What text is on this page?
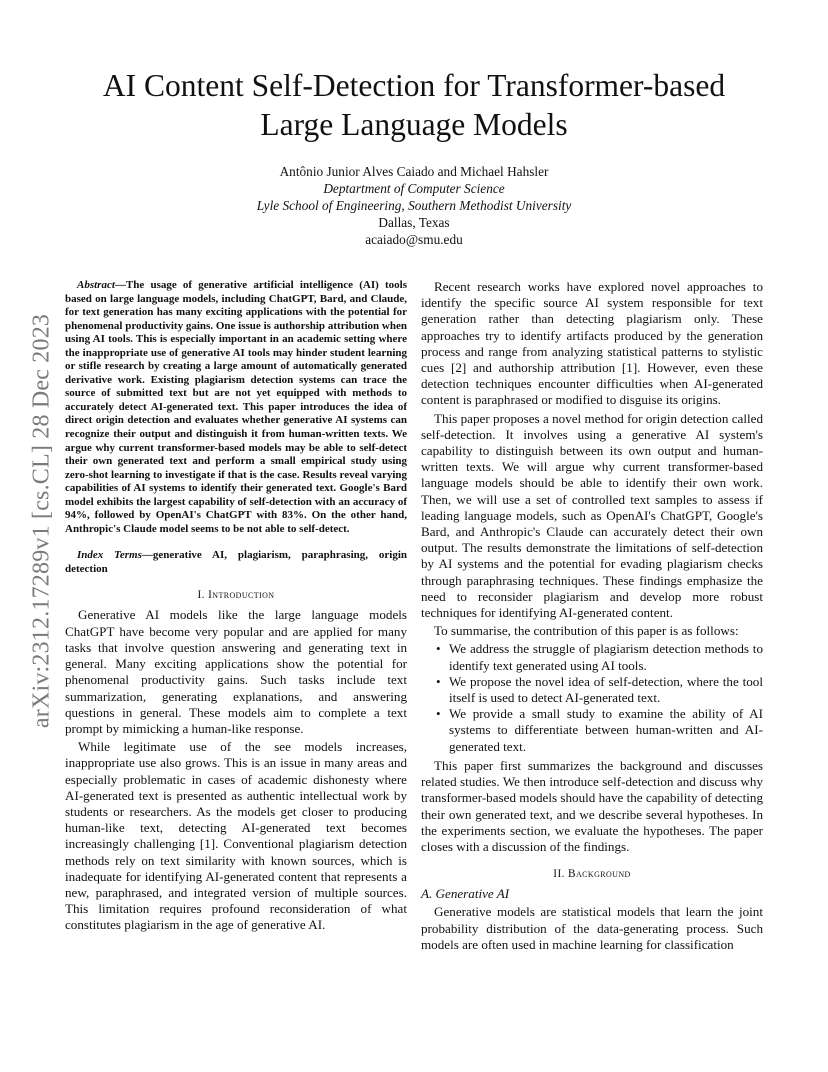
AI Content Self-Detection for Transformer-based
Large Language Models
Antônio Junior Alves Caiado and Michael Hahsler
Deptartment of Computer Science
Lyle School of Engineering, Southern Methodist University
Dallas, Texas
acaiado@smu.edu
arXiv:2312.17289v1 [cs.CL] 28 Dec 2023

Abstract—The usage of generative artificial intelligence (AI) tools based on large language models, including ChatGPT, Bard, and Claude, for text generation has many exciting applications with the potential for phenomenal productivity gains. One issue is authorship attribution when using AI tools. This is especially important in an academic setting where the inappropriate use of generative AI tools may hinder student learning or stifle research by creating a large amount of automatically generated derivative work. Existing plagiarism detection systems can trace the source of submitted text but are not yet equipped with methods to accurately detect AI-generated text. This paper introduces the idea of direct origin detection and evaluates whether generative AI systems can recognize their output and distinguish it from human-written texts. We argue why current transformer-based models may be able to self-detect their own generated text and perform a small empirical study using zero-shot learning to investigate if that is the case. Results reveal varying capabilities of AI systems to identify their generated text. Google's Bard model exhibits the largest capability of self-detection with an accuracy of 94%, followed by OpenAI's ChatGPT with 83%. On the other hand, Anthropic's Claude model seems to be not able to self-detect.

Index Terms—generative AI, plagiarism, paraphrasing, origin detection

I. Introduction

Generative AI models like the large language models ChatGPT have become very popular and are applied for many tasks that involve question answering and generating text in general. Many exciting applications show the potential for phenomenal productivity gains. Such tasks include text summarization, generating explanations, and answering questions in general. These models aim to complete a text prompt by mimicking a human-like response.

While legitimate use of the see models increases, inappropriate use also grows. This is an issue in many areas and especially problematic in cases of academic dishonesty where AI-generated text is presented as authentic intellectual work by students or researchers. As the models get closer to producing human-like text, detecting AI-generated text becomes increasingly challenging [1]. Conventional plagiarism detection methods rely on text similarity with known sources, which is inadequate for identifying AI-generated content that represents a new, paraphrased, and integrated version of multiple sources. This limitation requires profound reconsideration of what constitutes plagiarism in the age of generative AI.

Recent research works have explored novel approaches to identify the specific source AI system responsible for text generation rather than detecting plagiarism only. These approaches try to identify artifacts produced by the generation process and range from analyzing statistical patterns to stylistic cues [2] and authorship attribution [1]. However, even these detection techniques encounter difficulties when AI-generated content is paraphrased or modified to disguise its origins.

This paper proposes a novel method for origin detection called self-detection. It involves using a generative AI system's capability to distinguish between its own output and human-written texts. We will argue why current transformer-based language models should be able to identify their own work. Then, we will use a set of controlled text samples to assess if leading language models, such as OpenAI's ChatGPT, Google's Bard, and Anthropic's Claude can accurately detect their own output. The results demonstrate the limitations of self-detection by AI systems and the potential for evading plagiarism checks through paraphrasing techniques. These findings emphasize the need to reconsider plagiarism and develop more robust techniques for identifying AI-generated content.

To summarise, the contribution of this paper is as follows:

• We address the struggle of plagiarism detection methods to identify text generated using AI tools.
• We propose the novel idea of self-detection, where the tool itself is used to detect AI-generated text.
• We provide a small study to examine the ability of AI systems to differentiate between human-written and AI-generated text.

This paper first summarizes the background and discusses related studies. We then introduce self-detection and discuss why transformer-based models should have the capability of detecting their own generated text, and we describe several hypotheses. In the experiments section, we evaluate the hypotheses. The paper closes with a discussion of the findings.

II. Background
A. Generative AI

Generative models are statistical models that learn the joint probability distribution of the data-generating process. Such models are often used in machine learning for classification
